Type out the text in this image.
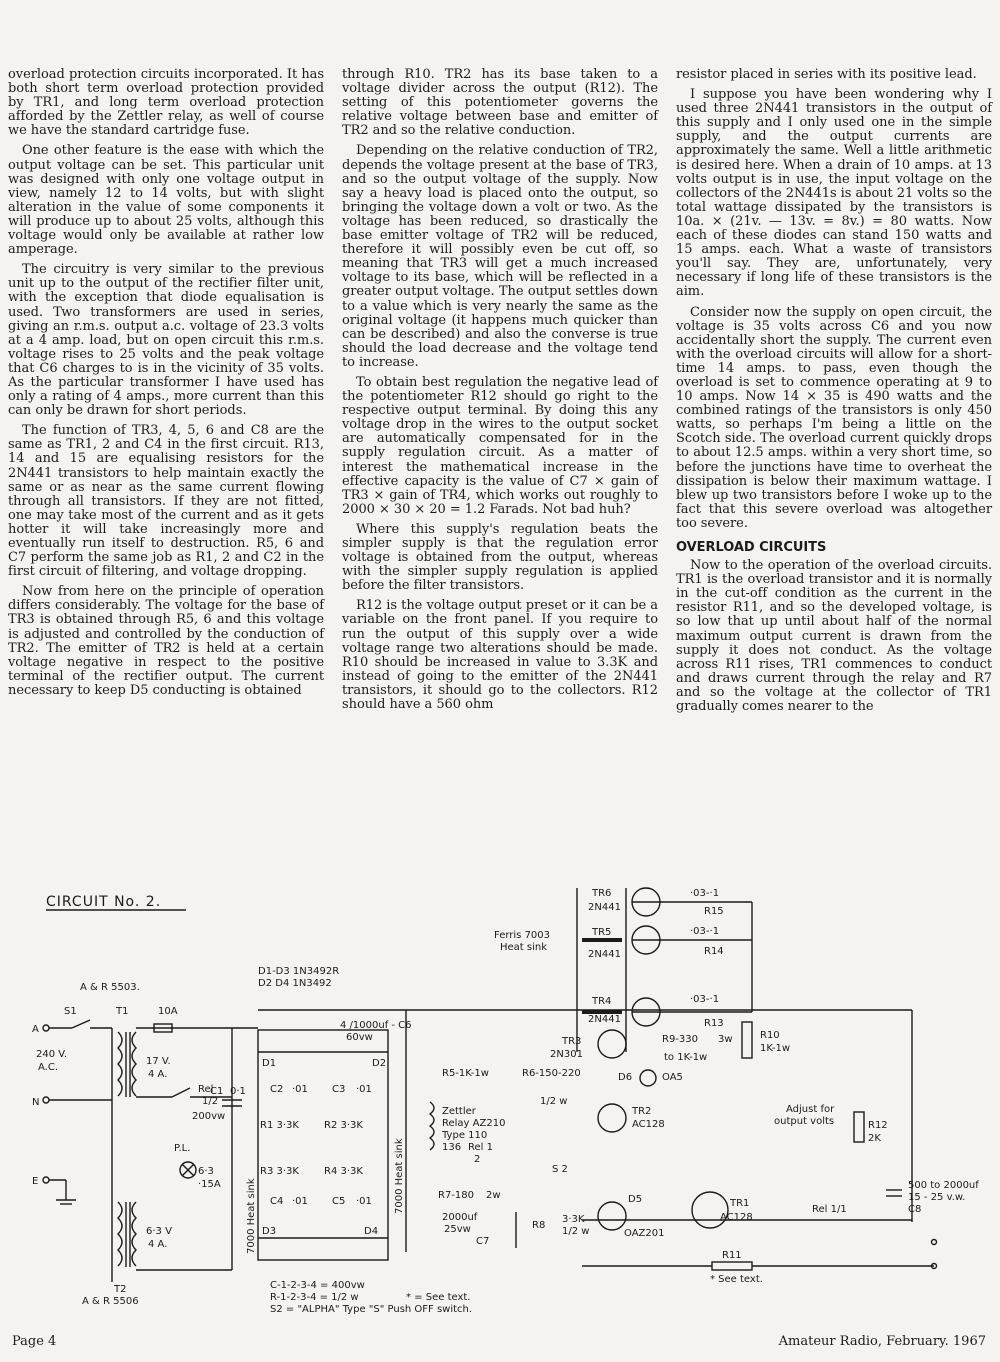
overload protection circuits incorporated. It has both short term overload protection provided by TR1, and long term overload protection afforded by the Zettler relay, as well of course we have the standard cartridge fuse.

One other feature is the ease with which the output voltage can be set. This particular unit was designed with only one voltage output in view, namely 12 to 14 volts, but with slight alteration in the value of some components it will produce up to about 25 volts, although this voltage would only be available at rather low amperage.

The circuitry is very similar to the previous unit up to the output of the rectifier filter unit, with the exception that diode equalisation is used. Two transformers are used in series, giving an r.m.s. output a.c. voltage of 23.3 volts at a 4 amp. load, but on open circuit this r.m.s. voltage rises to 25 volts and the peak voltage that C6 charges to is in the vicinity of 35 volts. As the particular transformer I have used has only a rating of 4 amps., more current than this can only be drawn for short periods.

The function of TR3, 4, 5, 6 and C8 are the same as TR1, 2 and C4 in the first circuit. R13, 14 and 15 are equalising resistors for the 2N441 transistors to help maintain exactly the same or as near as the same current flowing through all transistors. If they are not fitted, one may take most of the current and as it gets hotter it will take increasingly more and eventually run itself to destruction. R5, 6 and C7 perform the same job as R1, 2 and C2 in the first circuit of filtering, and voltage dropping.

Now from here on the principle of operation differs considerably. The voltage for the base of TR3 is obtained through R5, 6 and this voltage is adjusted and controlled by the conduction of TR2. The emitter of TR2 is held at a certain voltage negative in respect to the positive terminal of the rectifier output. The current necessary to keep D5 conducting is obtained

through R10. TR2 has its base taken to a voltage divider across the output (R12). The setting of this potentiometer governs the relative voltage between base and emitter of TR2 and so the relative conduction.

Depending on the relative conduction of TR2, depends the voltage present at the base of TR3, and so the output voltage of the supply. Now say a heavy load is placed onto the output, so bringing the voltage down a volt or two. As the voltage has been reduced, so drastically the base emitter voltage of TR2 will be reduced, therefore it will possibly even be cut off, so meaning that TR3 will get a much increased voltage to its base, which will be reflected in a greater output voltage. The output settles down to a value which is very nearly the same as the original voltage (it happens much quicker than can be described) and also the converse is true should the load decrease and the voltage tend to increase.

To obtain best regulation the negative lead of the potentiometer R12 should go right to the respective output terminal. By doing this any voltage drop in the wires to the output socket are automatically compensated for in the supply regulation circuit. As a matter of interest the mathematical increase in the effective capacity is the value of C7 × gain of TR3 × gain of TR4, which works out roughly to 2000 × 30 × 20 = 1.2 Farads. Not bad huh?

Where this supply's regulation beats the simpler supply is that the regulation error voltage is obtained from the output, whereas with the simpler supply regulation is applied before the filter transistors.

R12 is the voltage output preset or it can be a variable on the front panel. If you require to run the output of this supply over a wide voltage range two alterations should be made. R10 should be increased in value to 3.3K and instead of going to the emitter of the 2N441 transistors, it should go to the collectors. R12 should have a 560 ohm

resistor placed in series with its positive lead.

I suppose you have been wondering why I used three 2N441 transistors in the output of this supply and I only used one in the simple supply, and the output currents are approximately the same. Well a little arithmetic is desired here. When a drain of 10 amps. at 13 volts output is in use, the input voltage on the collectors of the 2N441s is about 21 volts so the total wattage dissipated by the transistors is 10a. × (21v. — 13v. = 8v.) = 80 watts. Now each of these diodes can stand 150 watts and 15 amps. each. What a waste of transistors you'll say. They are, unfortunately, very necessary if long life of these transistors is the aim.

Consider now the supply on open circuit, the voltage is 35 volts across C6 and you now accidentally short the supply. The current even with the overload circuits will allow for a short-time 14 amps. to pass, even though the overload is set to commence operating at 9 to 10 amps. Now 14 × 35 is 490 watts and the combined ratings of the transistors is only 450 watts, so perhaps I'm being a little on the Scotch side. The overload current quickly drops to about 12.5 amps. within a very short time, so before the junctions have time to overheat the dissipation is below their maximum wattage. I blew up two transistors before I woke up to the fact that this severe overload was altogether too severe.

OVERLOAD CIRCUITS

Now to the operation of the overload circuits. TR1 is the overload transistor and it is normally in the cut-off condition as the current in the resistor R11, and so the developed voltage, is so low that up until about half of the normal maximum output current is drawn from the supply it does not conduct. As the voltage across R11 rises, TR1 commences to conduct and draws current through the relay and R7 and so the voltage at the collector of TR1 gradually comes nearer to the

CIRCUIT No. 2.
TR6
2N441
TR5
2N441
TR4
2N441
·03-·1
·03-·1
·03-·1
R15
R14
R13
Ferris 7003
Heat sink
A
N
E
240 V.
A.C.
S1
A & R 5503.
T1	10A
A & R 5506
T2
17 V.
4 A.
6·3 V
4 A.
Rel
1/2
P.L.
6·3
·15A
C1 0·1
200vw
D1-D3 1N3492R
D2 D4 1N3492
D1	D2
D3	D4
C2 ·01 C3 ·01
R1 3·3K	R2 3·3K
R3 3·3K	R4 3·3K
C4 ·01 C5 ·01
7000 Heat sink
7000 Heat sink
4 /1000uf - C6
60vw	TR3
2N301
R9-330 3w
to 1K-1w
R10
1K-1w
R5-1K-1w	R6-150-220
1/2 w
D6	OA5
Zettler
Relay AZ210
Type 110
136 Rel 1
2
TR2
AC128
Adjust for
output volts	R12
2K
S 2
R7-180 2w
2000uf
25vw
C7
R8
3·3K
1/2 w
D5
OAZ201
TR1
AC128
Rel 1/1
500 to 2000uf
15 - 25 v.w.
C8
R11
* See text.
C-1-2-3-4 = 400vw
R-1-2-3-4 = 1/2 w	* = See text.
S2 = "ALPHA" Type "S" Push OFF switch.
Page 4	Amateur Radio, February. 1967
